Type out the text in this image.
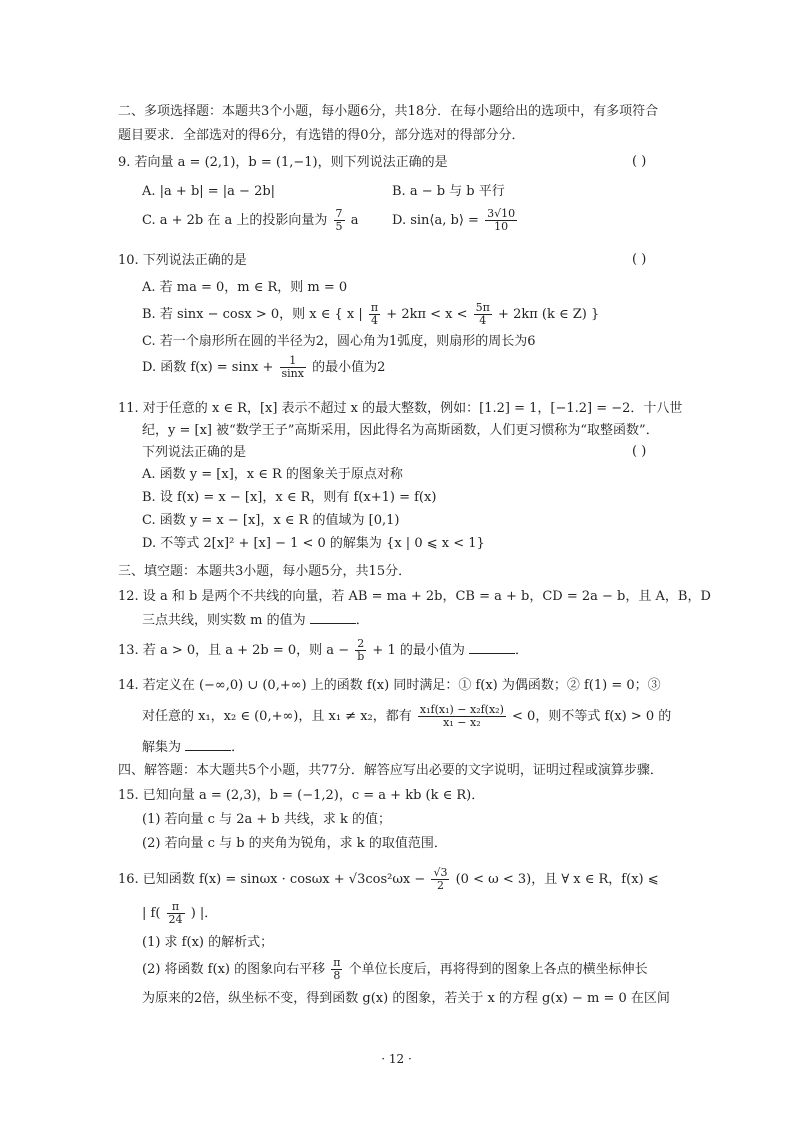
二、多项选择题：本题共3个小题，每小题6分，共18分．在每小题给出的选项中，有多项符合
题目要求．全部选对的得6分，有选错的得0分，部分选对的得部分分．
9. 若向量 a = (2,1)，b = (1,−1)，则下列说法正确的是	( )
A. |a + b| = |a − 2b|	B. a − b 与 b 平行
C. a + 2b 在 a 上的投影向量为 $\frac{7}{5}$ a	D. sin⟨a, b⟩ = $\frac{3√10}{10}$
10. 下列说法正确的是	( )
A. 若 ma = 0，m ∈ R，则 m = 0
B. 若 sinx − cosx > 0，则 x ∈ { x | $\frac{\pi}{4} + 2k\pi < x < \frac{5\pi}{4} + 2k\pi$ (k ∈ Z) }
C. 若一个扇形所在圆的半径为2，圆心角为1弧度，则扇形的周长为6
D. 函数 $f(x) = \sin x + \frac{1}{\sin x}$ 的最小值为2
11. 对于任意的 x ∈ R，[x] 表示不超过 x 的最大整数，例如：[1.2] = 1，[−1.2] = −2．十八世
纪，y = [x] 被“数学王子”高斯采用，因此得名为高斯函数，人们更习惯称为“取整函数”．
下列说法正确的是	( )
A. 函数 y = [x]，x ∈ R 的图象关于原点对称
B. 设 f(x) = x − [x]，x ∈ R，则有 f(x+1) = f(x)
C. 函数 y = x − [x]，x ∈ R 的值域为 [0,1)
D. 不等式 2[x]² + [x] − 1 < 0 的解集为 {x | 0 ⩽ x < 1}
三、填空题：本题共3小题，每小题5分，共15分．
12. 设 a 和 b 是两个不共线的向量，若 AB = ma + 2b，CB = a + b，CD = 2a − b，且 A，B，D
三点共线，则实数 m 的值为	．
13. 若 a > 0，且 a + 2b = 0，则 $a - \frac{2}{b} + 1$ 的最小值为	．
14. 若定义在 (−∞,0) ∪ (0,+∞) 上的函数 f(x) 同时满足：① f(x) 为偶函数；② f(1) = 0；③
对任意的 x₁，x₂ ∈ (0,+∞)，且 x₁ ≠ x₂，都有 $\frac{\text{x₁f(x₁) − x₂f(x₂)}}{\text{x₁ − x₂}} < 0$，则不等式 f(x) > 0 的
解集为	．
四、解答题：本大题共5个小题，共77分．解答应写出必要的文字说明，证明过程或演算步骤．
15. 已知向量 a = (2,3)，b = (−1,2)，c = a + kb (k ∈ R)．
(1) 若向量 c 与 2a + b 共线，求 k 的值；
(2) 若向量 c 与 b 的夹角为锐角，求 k 的取值范围．
16. 已知函数 $f(x) = \sin\omega x \cdot \cos\omega x + √3\cos^2\omega x - \frac{√3}{2} (0 < \omega < 3)$，且 ∀ x ∈ R，f(x) ⩽
| $f( \frac{\pi}{24}$ ) |．
(1) 求 f(x) 的解析式；
(2) 将函数 f(x) 的图象向右平移 $\frac{\pi}{8}$ 个单位长度后，再将得到的图象上各点的横坐标伸长
为原来的2倍，纵坐标不变，得到函数 g(x) 的图象，若关于 x 的方程 g(x) − m = 0 在区间
· 12 ·
